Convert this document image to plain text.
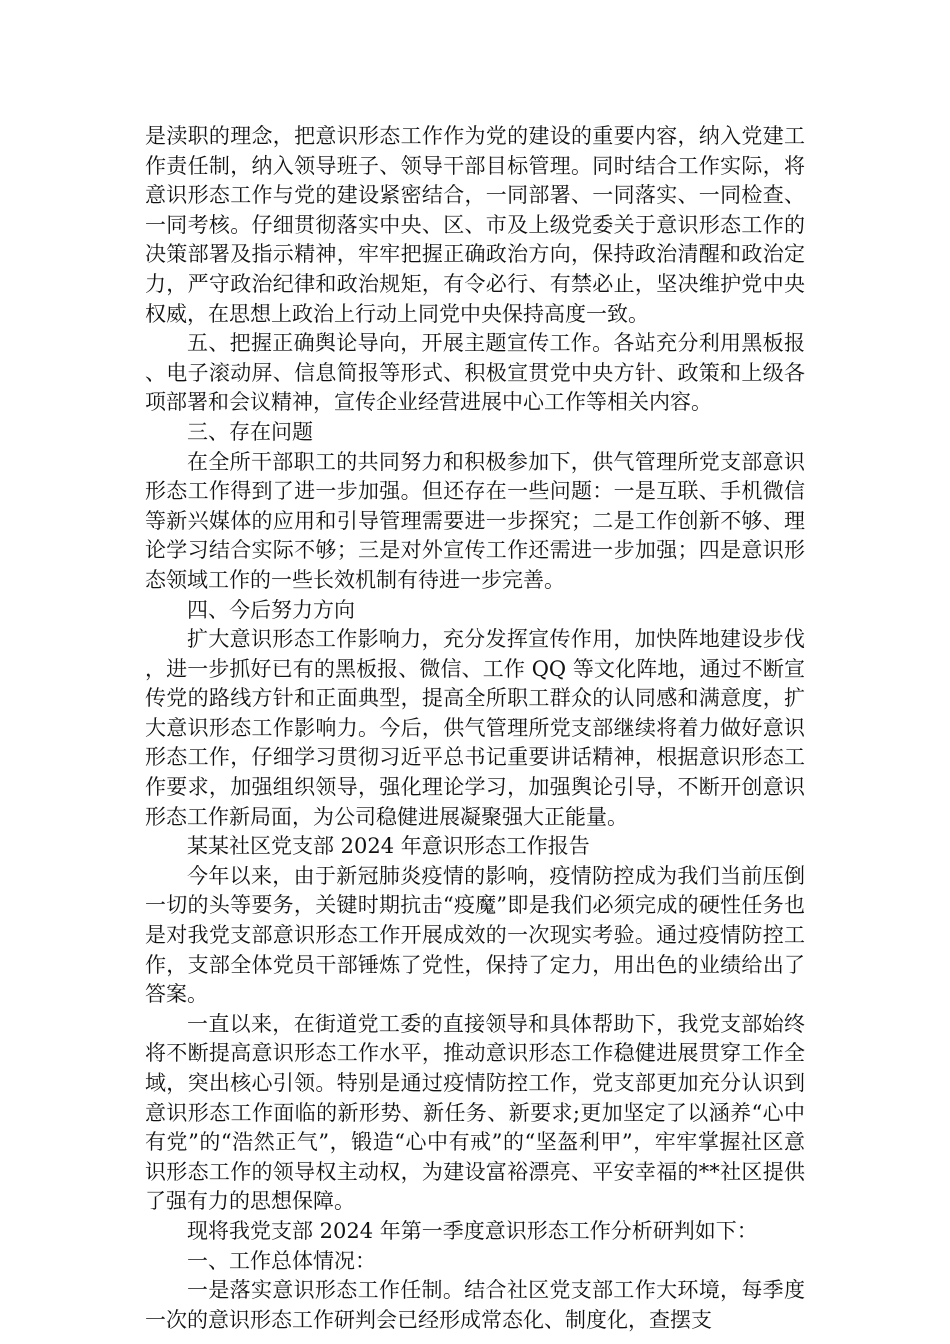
是渎职的理念，把意识形态工作作为党的建设的重要内容，纳入党建工作责任制，纳入领导班子、领导干部目标管理。同时结合工作实际，将意识形态工作与党的建设紧密结合，一同部署、一同落实、一同检查、一同考核。仔细贯彻落实中央、区、市及上级党委关于意识形态工作的决策部署及指示精神，牢牢把握正确政治方向，保持政治清醒和政治定力，严守政治纪律和政治规矩，有令必行、有禁必止，坚决维护党中央权威，在思想上政治上行动上同党中央保持高度一致。

五、把握正确舆论导向，开展主题宣传工作。各站充分利用黑板报、电子滚动屏、信息简报等形式、积极宣贯党中央方针、政策和上级各项部署和会议精神，宣传企业经营进展中心工作等相关内容。

三、存在问题

在全所干部职工的共同努力和积极参加下，供气管理所党支部意识形态工作得到了进一步加强。但还存在一些问题：一是互联、手机微信等新兴媒体的应用和引导管理需要进一步探究；二是工作创新不够、理论学习结合实际不够；三是对外宣传工作还需进一步加强；四是意识形态领域工作的一些长效机制有待进一步完善。

四、今后努力方向

扩大意识形态工作影响力，充分发挥宣传作用，加快阵地建设步伐，进一步抓好已有的黑板报、微信、工作 QQ 等文化阵地，通过不断宣传党的路线方针和正面典型，提高全所职工群众的认同感和满意度，扩大意识形态工作影响力。今后，供气管理所党支部继续将着力做好意识形态工作，仔细学习贯彻习近平总书记重要讲话精神，根据意识形态工作要求，加强组织领导，强化理论学习，加强舆论引导，不断开创意识形态工作新局面，为公司稳健进展凝聚强大正能量。

某某社区党支部 2024 年意识形态工作报告

今年以来，由于新冠肺炎疫情的影响，疫情防控成为我们当前压倒一切的头等要务，关键时期抗击“疫魔”即是我们必须完成的硬性任务也是对我党支部意识形态工作开展成效的一次现实考验。通过疫情防控工作，支部全体党员干部锤炼了党性，保持了定力，用出色的业绩给出了答案。

一直以来，在街道党工委的直接领导和具体帮助下，我党支部始终将不断提高意识形态工作水平，推动意识形态工作稳健进展贯穿工作全域，突出核心引领。特别是通过疫情防控工作，党支部更加充分认识到意识形态工作面临的新形势、新任务、新要求;更加坚定了以涵养“心中有党”的“浩然正气”，锻造“心中有戒”的“坚盔利甲”，牢牢掌握社区意识形态工作的领导权主动权，为建设富裕漂亮、平安幸福的**社区提供了强有力的思想保障。

现将我党支部 2024 年第一季度意识形态工作分析研判如下：

一、工作总体情况：

一是落实意识形态工作任制。结合社区党支部工作大环境，每季度一次的意识形态工作研判会已经形成常态化、制度化，查摆支
